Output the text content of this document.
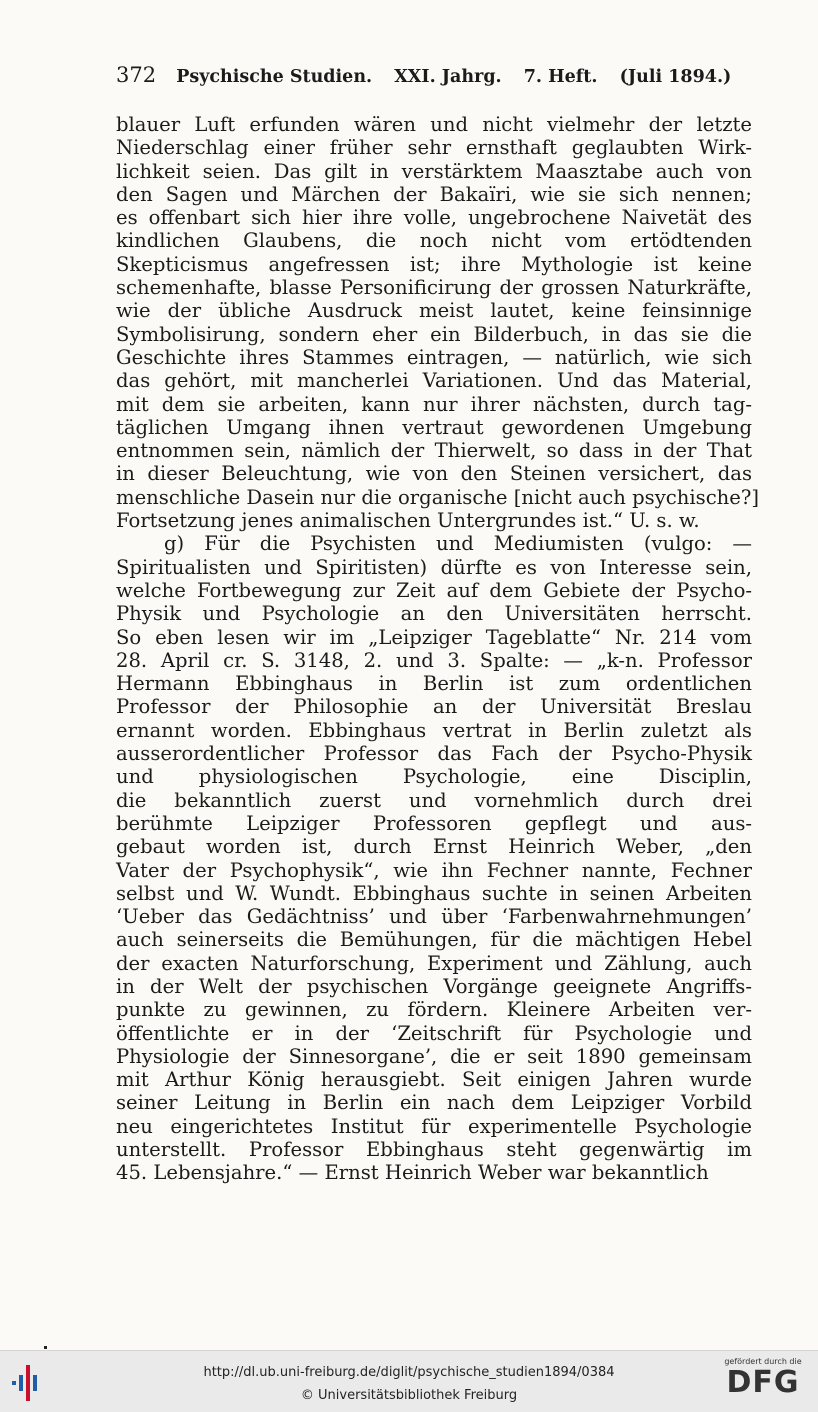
372 Psychische Studien. XXI. Jahrg. 7. Heft. (Juli 1894.)
blauer Luft erfunden wären und nicht vielmehr der letzte
Niederschlag einer früher sehr ernsthaft geglaubten Wirk-
lichkeit seien. Das gilt in verstärktem Maasztabe auch von
den Sagen und Märchen der Bakaïri, wie sie sich nennen;
es offenbart sich hier ihre volle, ungebrochene Naivetät des
kindlichen Glaubens, die noch nicht vom ertödtenden
Skepticismus angefressen ist; ihre Mythologie ist keine
schemenhafte, blasse Personificirung der grossen Naturkräfte,
wie der übliche Ausdruck meist lautet, keine feinsinnige
Symbolisirung, sondern eher ein Bilderbuch, in das sie die
Geschichte ihres Stammes eintragen, — natürlich, wie sich
das gehört, mit mancherlei Variationen. Und das Material,
mit dem sie arbeiten, kann nur ihrer nächsten, durch tag-
täglichen Umgang ihnen vertraut gewordenen Umgebung
entnommen sein, nämlich der Thierwelt, so dass in der That
in dieser Beleuchtung, wie von den Steinen versichert, das
menschliche Dasein nur die organische [nicht auch psychische?]
Fortsetzung jenes animalischen Untergrundes ist.“ U. s. w.
g) Für die Psychisten und Mediumisten (vulgo: —
Spiritualisten und Spiritisten) dürfte es von Interesse sein,
welche Fortbewegung zur Zeit auf dem Gebiete der Psycho-
Physik und Psychologie an den Universitäten herrscht.
So eben lesen wir im „Leipziger Tageblatte“ Nr. 214 vom
28. April cr. S. 3148, 2. und 3. Spalte: — „k-n. Professor
Hermann Ebbinghaus in Berlin ist zum ordentlichen
Professor der Philosophie an der Universität Breslau
ernannt worden. Ebbinghaus vertrat in Berlin zuletzt als
ausserordentlicher Professor das Fach der Psycho-Physik
und physiologischen Psychologie, eine Disciplin,
die bekanntlich zuerst und vornehmlich durch drei
berühmte Leipziger Professoren gepflegt und aus-
gebaut worden ist, durch Ernst Heinrich Weber, „den
Vater der Psychophysik“, wie ihn Fechner nannte, Fechner
selbst und W. Wundt. Ebbinghaus suchte in seinen Arbeiten
‘Ueber das Gedächtniss’ und über ‘Farbenwahrnehmungen’
auch seinerseits die Bemühungen, für die mächtigen Hebel
der exacten Naturforschung, Experiment und Zählung, auch
in der Welt der psychischen Vorgänge geeignete Angriffs-
punkte zu gewinnen, zu fördern. Kleinere Arbeiten ver-
öffentlichte er in der ‘Zeitschrift für Psychologie und
Physiologie der Sinnesorgane’, die er seit 1890 gemeinsam
mit Arthur König herausgiebt. Seit einigen Jahren wurde
seiner Leitung in Berlin ein nach dem Leipziger Vorbild
neu eingerichtetes Institut für experimentelle Psychologie
unterstellt. Professor Ebbinghaus steht gegenwärtig im
45. Lebensjahre.“ — Ernst Heinrich Weber war bekanntlich
http://dl.ub.uni-freiburg.de/diglit/psychische_studien1894/0384
© Universitätsbibliothek Freiburg
gefördert durch die
DFG
